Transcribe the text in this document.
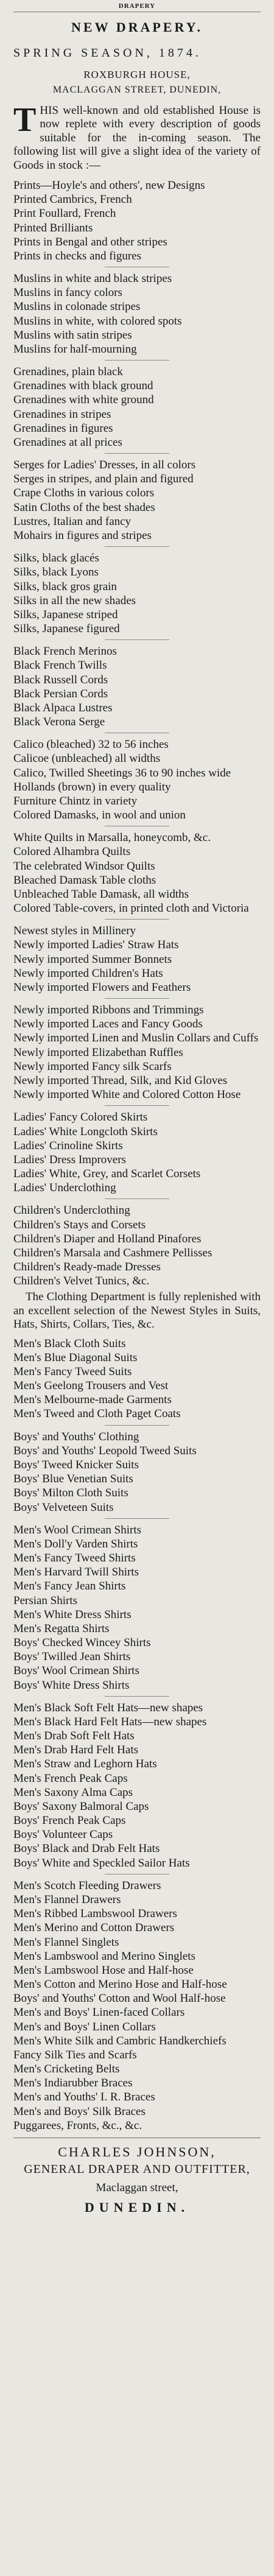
DRAPERY
NEW DRAPERY.
SPRING SEASON, 1874.
ROXBURGH HOUSE,
MACLAGGAN STREET, DUNEDIN,
T HIS well-known and old established House is now replete with every description of goods suitable for the in-coming season. The following list will give a slight idea of the variety of Goods in stock :—
Prints—Hoyle's and others', new Designs
Printed Cambrics, French
Print Foullard, French
Printed Brilliants
Prints in Bengal and other stripes
Prints in checks and figures
Muslins in white and black stripes
Muslins in fancy colors
Muslins in colonade stripes
Muslins in white, with colored spots
Muslins with satin stripes
Muslins for half-mourning
Grenadines, plain black
Grenadines with black ground
Grenadines with white ground
Grenadines in stripes
Grenadines in figures
Grenadines at all prices
Serges for Ladies' Dresses, in all colors
Serges in stripes, and plain and figured
Crape Cloths in various colors
Satin Cloths of the best shades
Lustres, Italian and fancy
Mohairs in figures and stripes
Silks, black glacés
Silks, black Lyons
Silks, black gros grain
Silks in all the new shades
Silks, Japanese striped
Silks, Japanese figured
Black French Merinos
Black French Twills
Black Russell Cords
Black Persian Cords
Black Alpaca Lustres
Black Verona Serge
Calico (bleached) 32 to 56 inches
Calicoe (unbleached) all widths
Calico, Twilled Sheetings 36 to 90 inches wide
Hollands (brown) in every quality
Furniture Chintz in variety
Colored Damasks, in wool and union
White Quilts in Marsalla, honeycomb, &c.
Colored Alhambra Quilts
The celebrated Windsor Quilts
Bleached Damask Table cloths
Unbleached Table Damask, all widths
Colored Table-covers, in printed cloth and Victoria
Newest styles in Millinery
Newly imported Ladies' Straw Hats
Newly imported Summer Bonnets
Newly imported Children's Hats
Newly imported Flowers and Feathers
Newly imported Ribbons and Trimmings
Newly imported Laces and Fancy Goods
Newly imported Linen and Muslin Collars and Cuffs
Newly imported Elizabethan Ruffles
Newly imported Fancy silk Scarfs
Newly imported Thread, Silk, and Kid Gloves
Newly imported White and Colored Cotton Hose
Ladies' Fancy Colored Skirts
Ladies' White Longcloth Skirts
Ladies' Crinoline Skirts
Ladies' Dress Improvers
Ladies' White, Grey, and Scarlet Corsets
Ladies' Underclothing
Children's Underclothing
Children's Stays and Corsets
Children's Diaper and Holland Pinafores
Children's Marsala and Cashmere Pellisses
Children's Ready-made Dresses
Children's Velvet Tunics, &c.
The Clothing Department is fully replenished with an excellent selection of the Newest Styles in Suits, Hats, Shirts, Collars, Ties, &c.
Men's Black Cloth Suits
Men's Blue Diagonal Suits
Men's Fancy Tweed Suits
Men's Geelong Trousers and Vest
Men's Melbourne-made Garments
Men's Tweed and Cloth Paget Coats
Boys' and Youths' Clothing
Boys' and Youths' Leopold Tweed Suits
Boys' Tweed Knicker Suits
Boys' Blue Venetian Suits
Boys' Milton Cloth Suits
Boys' Velveteen Suits
Men's Wool Crimean Shirts
Men's Doll'y Varden Shirts
Men's Fancy Tweed Shirts
Men's Harvard Twill Shirts
Men's Fancy Jean Shirts
Persian Shirts
Men's White Dress Shirts
Men's Regatta Shirts
Boys' Checked Wincey Shirts
Boys' Twilled Jean Shirts
Boys' Wool Crimean Shirts
Boys' White Dress Shirts
Men's Black Soft Felt Hats—new shapes
Men's Black Hard Felt Hats—new shapes
Men's Drab Soft Felt Hats
Men's Drab Hard Felt Hats
Men's Straw and Leghorn Hats
Men's French Peak Caps
Men's Saxony Alma Caps
Boys' Saxony Balmoral Caps
Boys' French Peak Caps
Boys' Volunteer Caps
Boys' Black and Drab Felt Hats
Boys' White and Speckled Sailor Hats
Men's Scotch Fleeding Drawers
Men's Flannel Drawers
Men's Ribbed Lambswool Drawers
Men's Merino and Cotton Drawers
Men's Flannel Singlets
Men's Lambswool and Merino Singlets
Men's Lambswool Hose and Half-hose
Men's Cotton and Merino Hose and Half-hose
Boys' and Youths' Cotton and Wool Half-hose
Men's and Boys' Linen-faced Collars
Men's and Boys' Linen Collars
Men's White Silk and Cambric Handkerchiefs
Fancy Silk Ties and Scarfs
Men's Cricketing Belts
Men's Indiarubber Braces
Men's and Youths' I. R. Braces
Men's and Boys' Silk Braces
Puggarees, Fronts, &c., &c.
CHARLES JOHNSON,
GENERAL DRAPER AND OUTFITTER,
Maclaggan street,
DUNEDIN.
